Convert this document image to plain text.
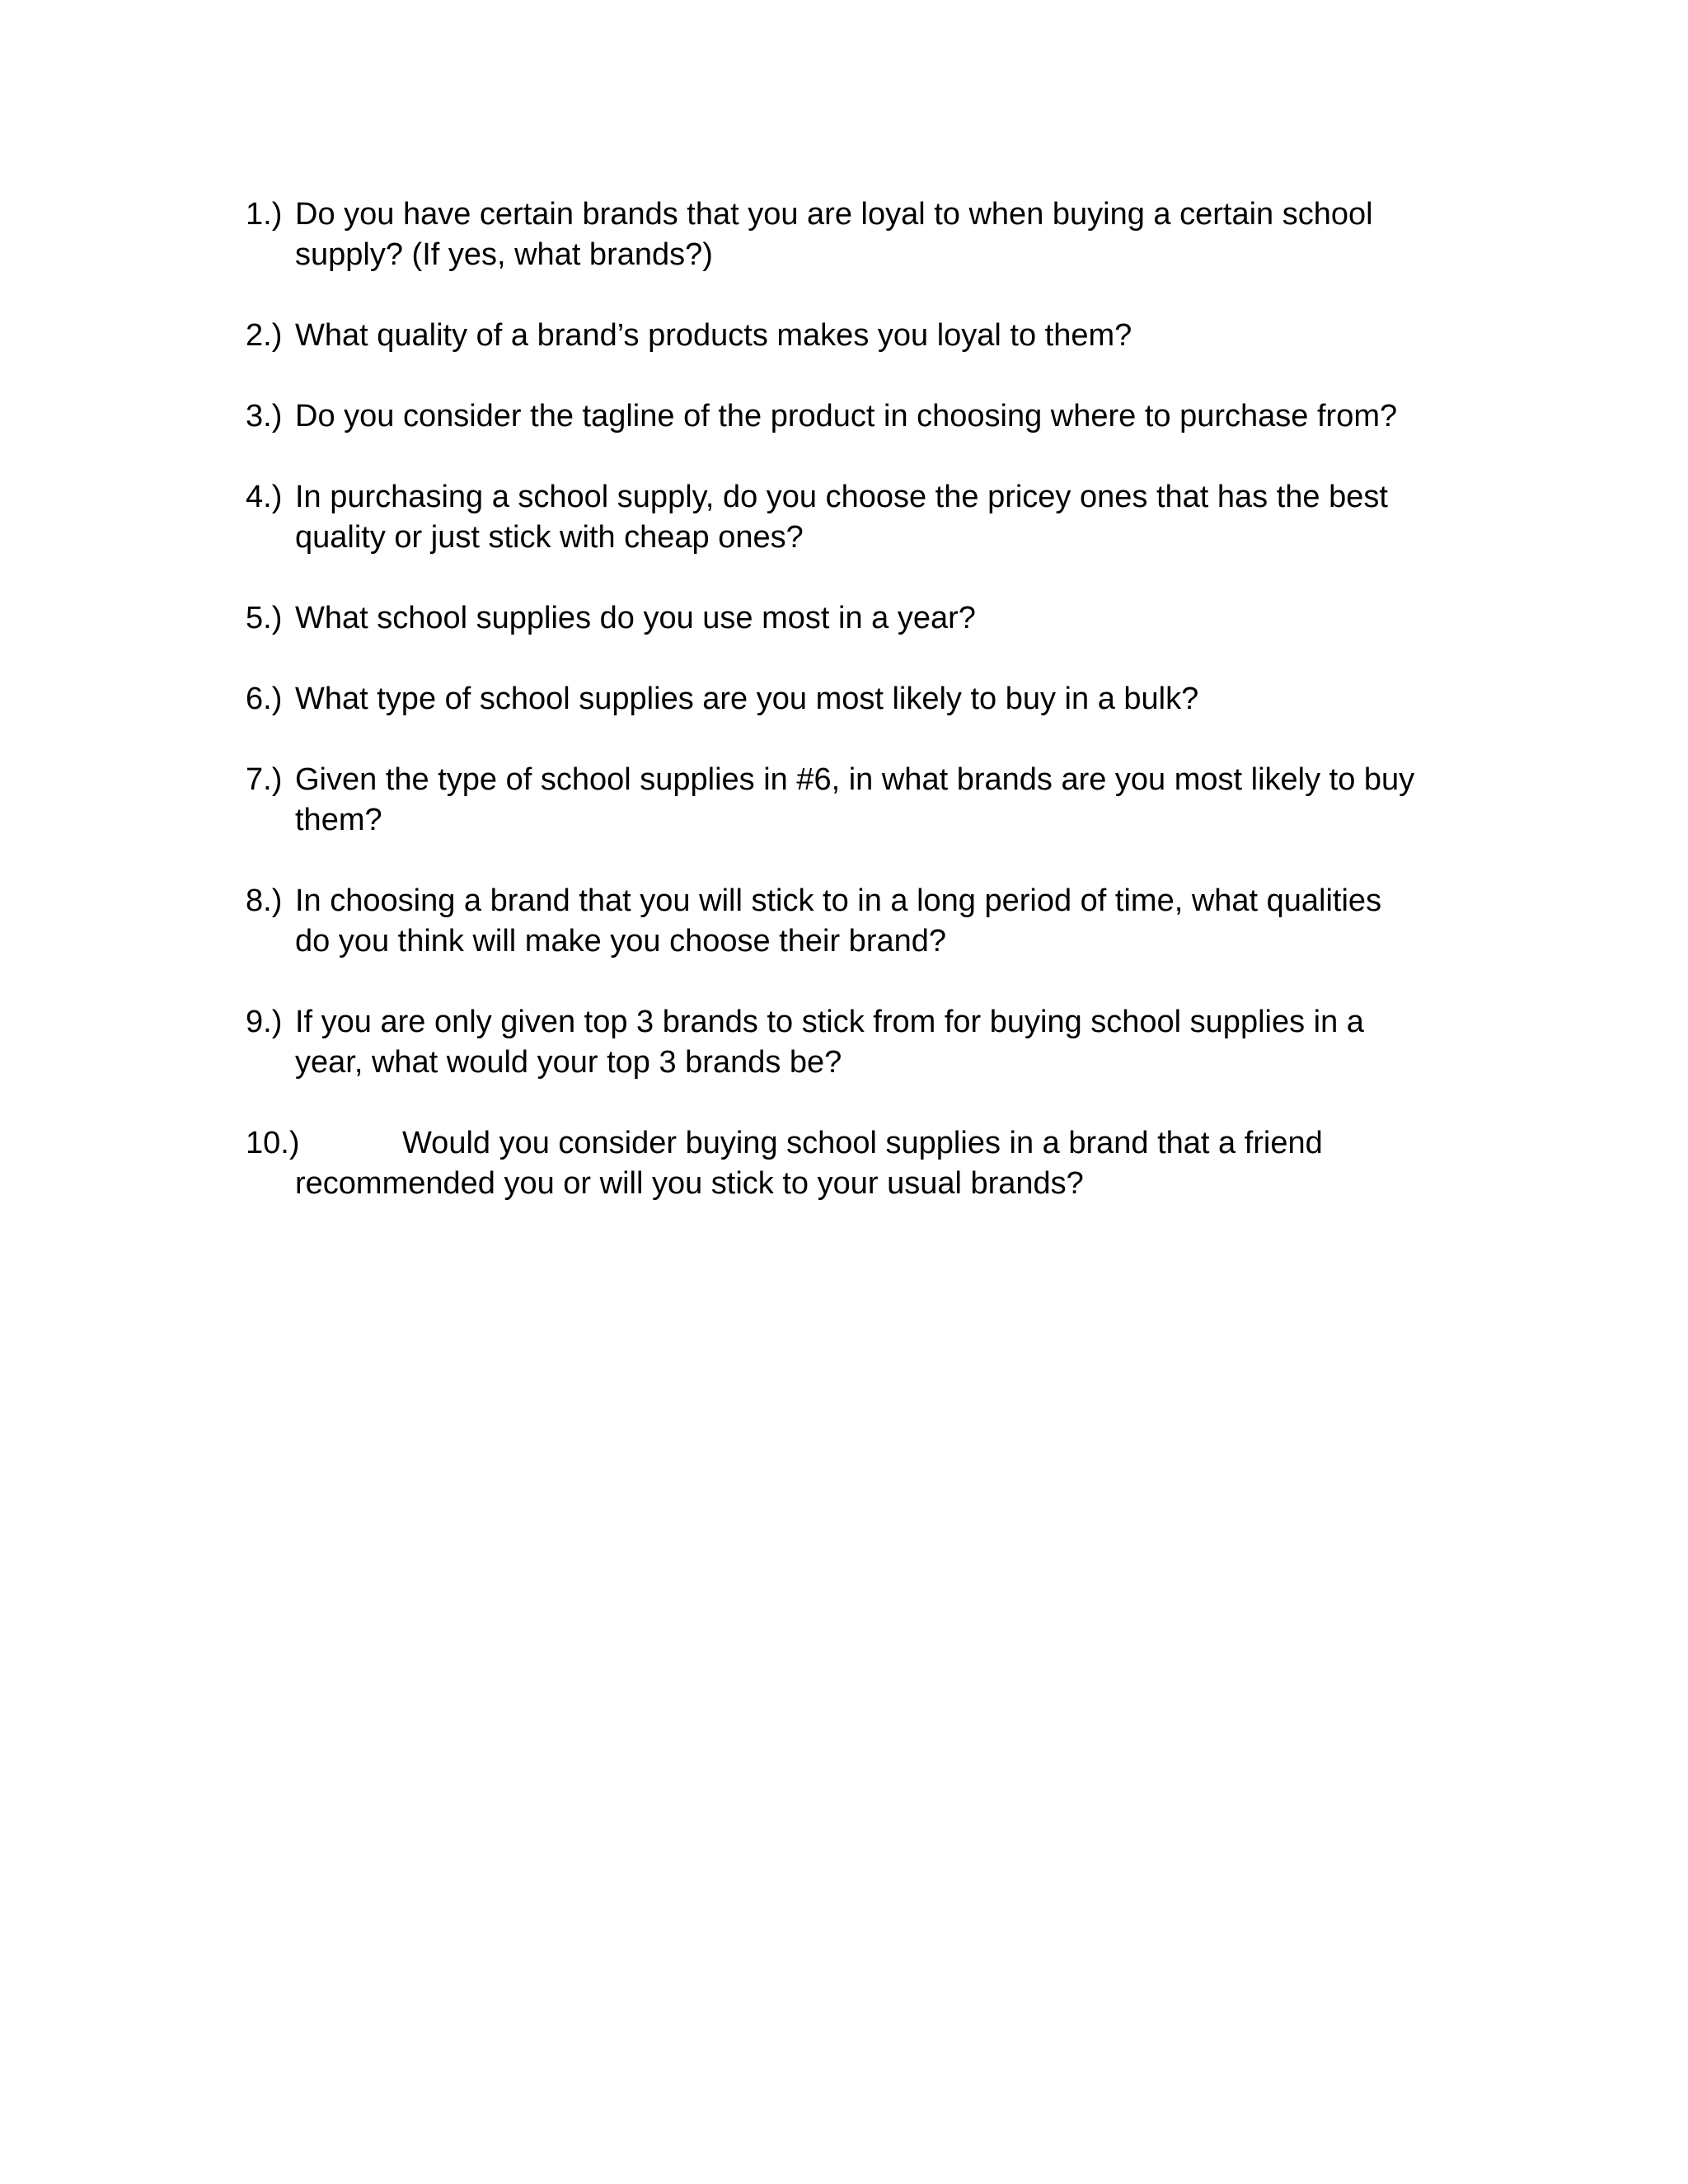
1.) Do you have certain brands that you are loyal to when buying a certain school
supply? (If yes, what brands?)
2.) What quality of a brand’s products makes you loyal to them?
3.) Do you consider the tagline of the product in choosing where to purchase from?
4.) In purchasing a school supply, do you choose the pricey ones that has the best
quality or just stick with cheap ones?
5.) What school supplies do you use most in a year?
6.) What type of school supplies are you most likely to buy in a bulk?
7.) Given the type of school supplies in #6, in what brands are you most likely to buy
them?
8.) In choosing a brand that you will stick to in a long period of time, what qualities
do you think will make you choose their brand?
9.) If you are only given top 3 brands to stick from for buying school supplies in a
year, what would your top 3 brands be?
10.)	Would you consider buying school supplies in a brand that a friend
recommended you or will you stick to your usual brands?
